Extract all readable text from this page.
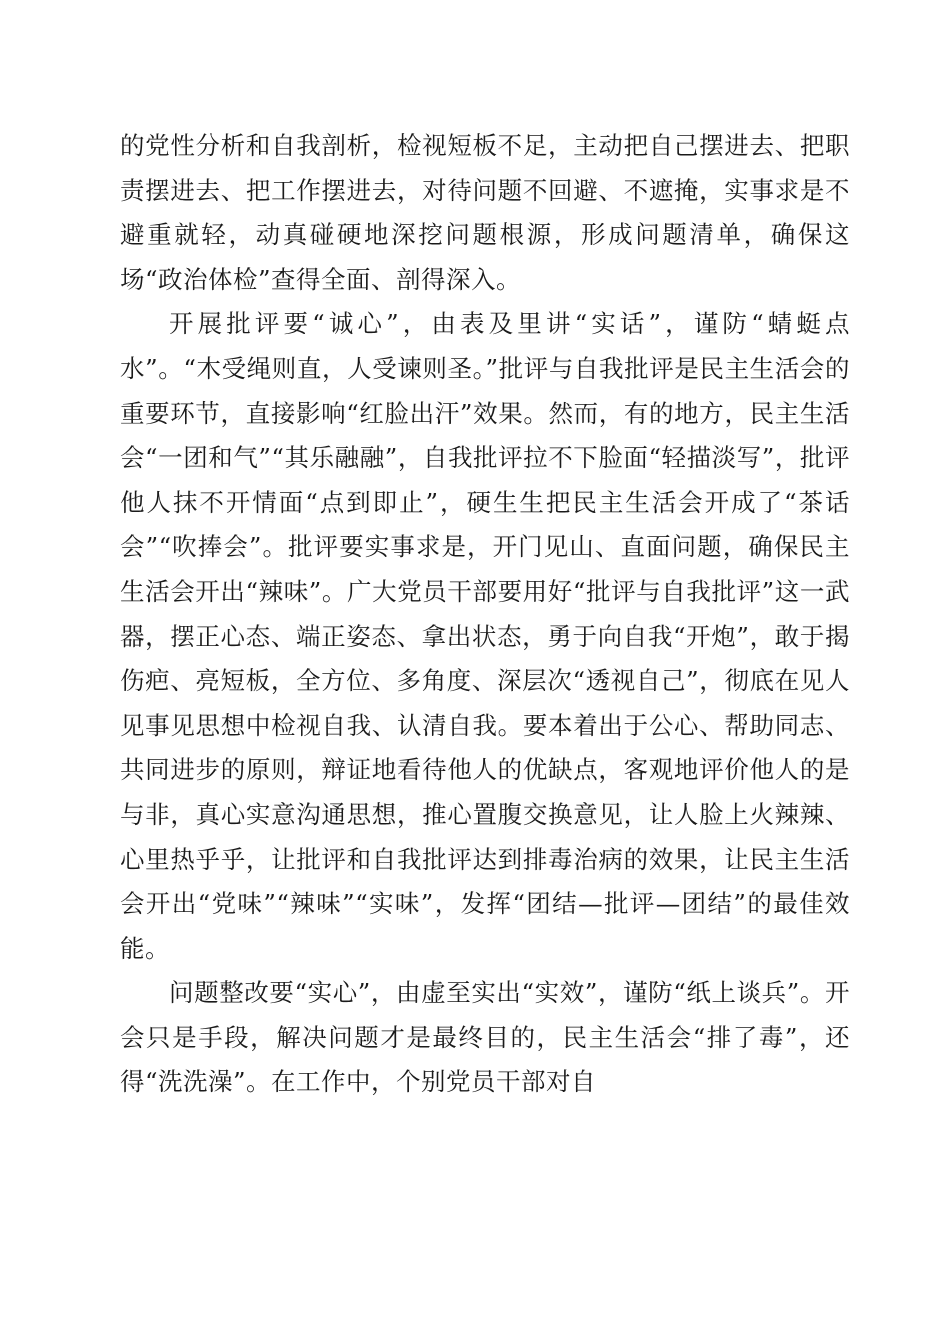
的党性分析和自我剖析，检视短板不足，主动把自己摆进去、把职责摆进去、把工作摆进去，对待问题不回避、不遮掩，实事求是不避重就轻，动真碰硬地深挖问题根源，形成问题清单，确保这场“政治体检”查得全面、剖得深入。

开展批评要“诚心”，由表及里讲“实话”，谨防“蜻蜓点水”。“木受绳则直，人受谏则圣。”批评与自我批评是民主生活会的重要环节，直接影响“红脸出汗”效果。然而，有的地方，民主生活会“一团和气”“其乐融融”，自我批评拉不下脸面“轻描淡写”，批评他人抹不开情面“点到即止”，硬生生把民主生活会开成了“茶话会”“吹捧会”。批评要实事求是，开门见山、直面问题，确保民主生活会开出“辣味”。广大党员干部要用好“批评与自我批评”这一武器，摆正心态、端正姿态、拿出状态，勇于向自我“开炮”，敢于揭伤疤、亮短板，全方位、多角度、深层次“透视自己”，彻底在见人见事见思想中检视自我、认清自我。要本着出于公心、帮助同志、共同进步的原则，辩证地看待他人的优缺点，客观地评价他人的是与非，真心实意沟通思想，推心置腹交换意见，让人脸上火辣辣、心里热乎乎，让批评和自我批评达到排毒治病的效果，让民主生活会开出“党味”“辣味”“实味”，发挥“团结—批评—团结”的最佳效能。

问题整改要“实心”，由虚至实出“实效”，谨防“纸上谈兵”。开会只是手段，解决问题才是最终目的，民主生活会“排了毒”，还得“洗洗澡”。在工作中，个别党员干部对自
